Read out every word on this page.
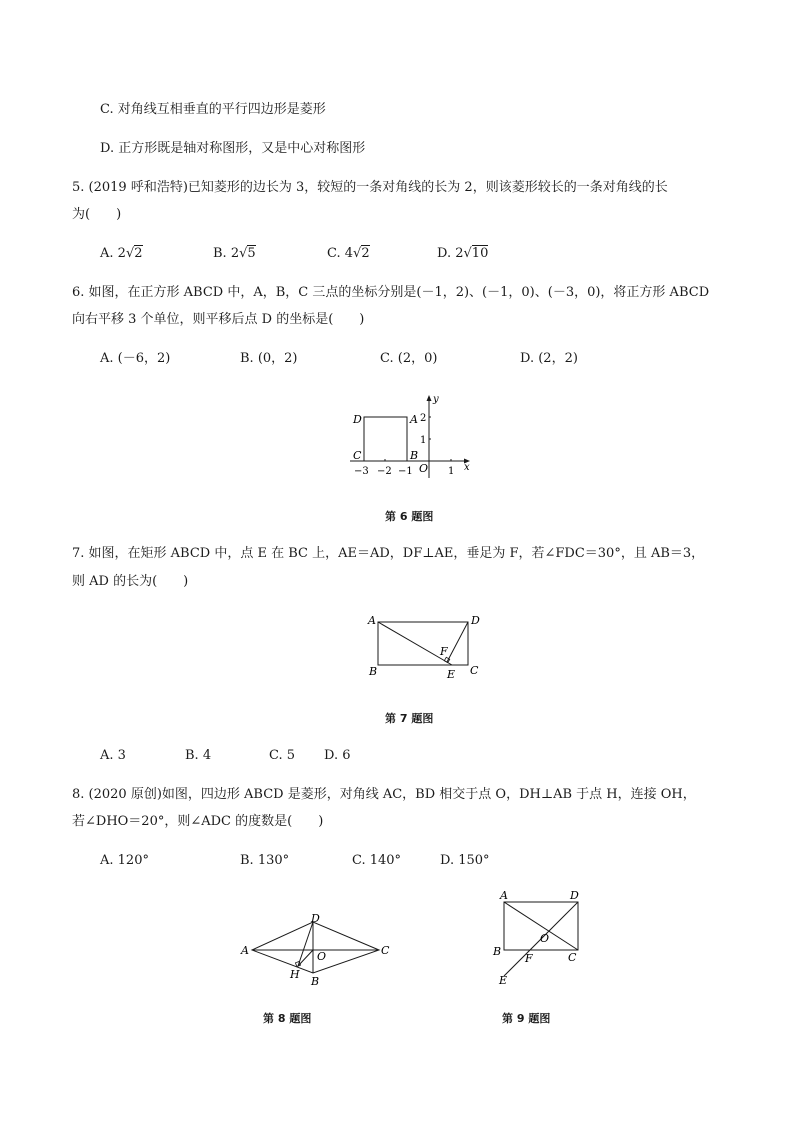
C. 对角线互相垂直的平行四边形是菱形
D. 正方形既是轴对称图形，又是中心对称图形
5. (2019 呼和浩特)已知菱形的边长为 3，较短的一条对角线的长为 2，则该菱形较长的一条对角线的长
为(　　)
A. 2√2	B. 2√5	C. 4√2	D. 2√10
6. 如图，在正方形 ABCD 中，A，B，C 三点的坐标分别是(－1，2)、(－1，0)、(－3，0)，将正方形 ABCD
向右平移 3 个单位，则平移后点 D 的坐标是(　　)
A. (－6，2)	B. (0，2)	C. (2，0)	D. (2，2)
D	A
C	B
O	x
y
−3 −2 −1	1
1
2
第 6 题图
7. 如图，在矩形 ABCD 中，点 E 在 BC 上，AE＝AD，DF⊥AE，垂足为 F，若∠FDC＝30°，且 AB＝3，
则 AD 的长为(　　)
A	D
B	C
E
F
第 7 题图
A. 3	B. 4	C. 5 D. 6
8. (2020 原创)如图，四边形 ABCD 是菱形，对角线 AC，BD 相交于点 O，DH⊥AB 于点 H，连接 OH，
若∠DHO＝20°，则∠ADC 的度数是(　　)
A. 120°	B. 130°	C. 140°	D. 150°
A
D
C
B
O
H
第 8 题图
A	D
B	C
E
F
O
第 9 题图
